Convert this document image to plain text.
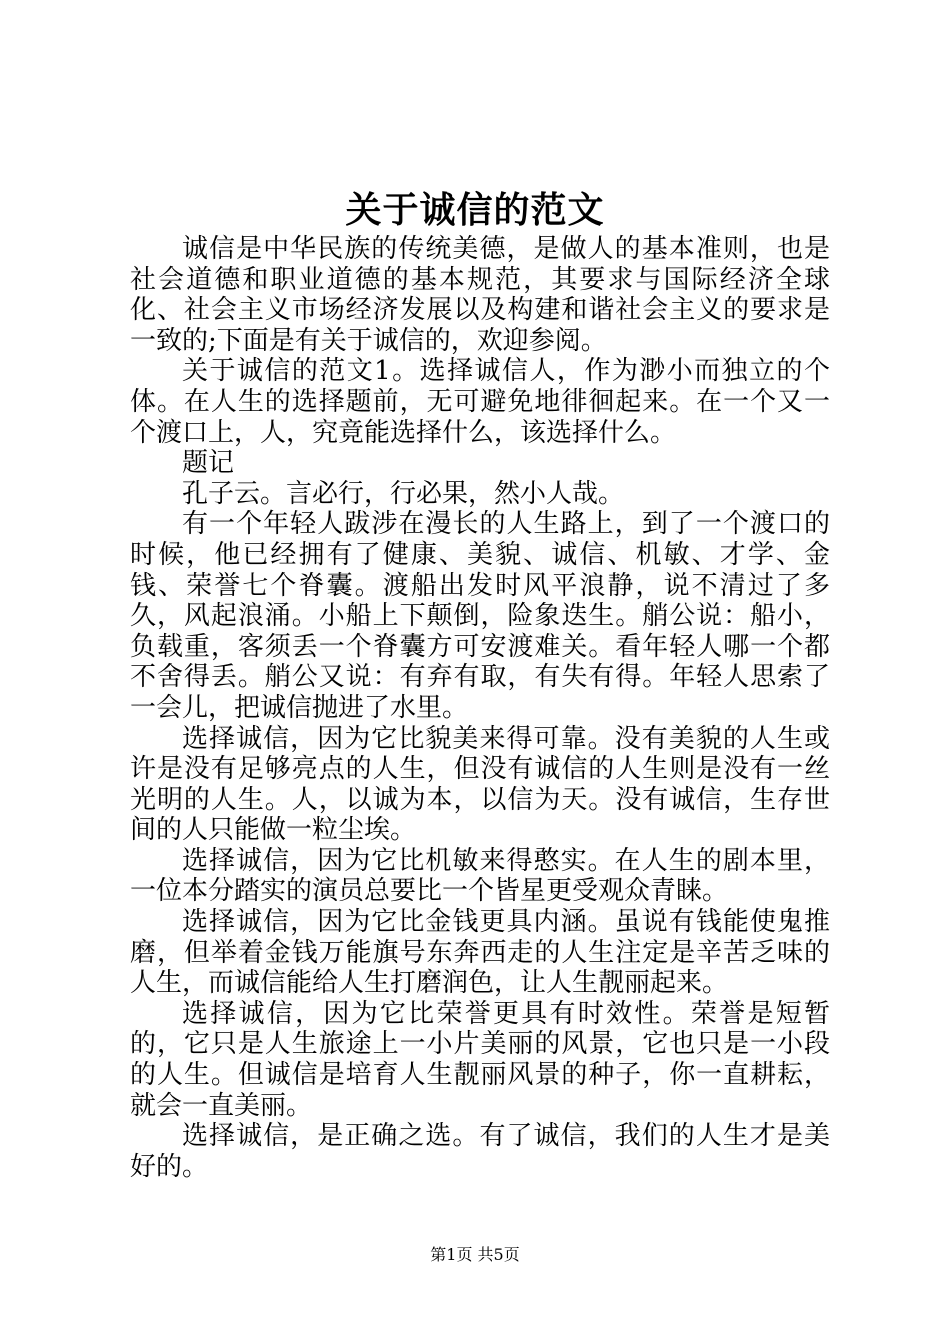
关于诚信的范文

诚信是中华民族的传统美德，是做人的基本准则，也是社会道德和职业道德的基本规范，其要求与国际经济全球化、社会主义市场经济发展以及构建和谐社会主义的要求是一致的;下面是有关于诚信的，欢迎参阅。

关于诚信的范文1。选择诚信人，作为渺小而独立的个体。在人生的选择题前，无可避免地徘徊起来。在一个又一个渡口上，人，究竟能选择什么，该选择什么。

题记

孔子云。言必行，行必果，然小人哉。

有一个年轻人跋涉在漫长的人生路上，到了一个渡口的时候，他已经拥有了健康、美貌、诚信、机敏、才学、金钱、荣誉七个脊囊。渡船出发时风平浪静，说不清过了多久，风起浪涌。小船上下颠倒，险象迭生。艄公说：船小，负载重，客须丢一个脊囊方可安渡难关。看年轻人哪一个都不舍得丢。艄公又说：有弃有取，有失有得。年轻人思索了一会儿，把诚信抛进了水里。

选择诚信，因为它比貌美来得可靠。没有美貌的人生或许是没有足够亮点的人生，但没有诚信的人生则是没有一丝光明的人生。人，以诚为本，以信为天。没有诚信，生存世间的人只能做一粒尘埃。

选择诚信，因为它比机敏来得憨实。在人生的剧本里，一位本分踏实的演员总要比一个皆星更受观众青睐。

选择诚信，因为它比金钱更具内涵。虽说有钱能使鬼推磨，但举着金钱万能旗号东奔西走的人生注定是辛苦乏味的人生，而诚信能给人生打磨润色，让人生靓丽起来。

选择诚信，因为它比荣誉更具有时效性。荣誉是短暂的，它只是人生旅途上一小片美丽的风景，它也只是一小段的人生。但诚信是培育人生靓丽风景的种子，你一直耕耘，就会一直美丽。

选择诚信，是正确之选。有了诚信，我们的人生才是美好的。

第1页 共5页
